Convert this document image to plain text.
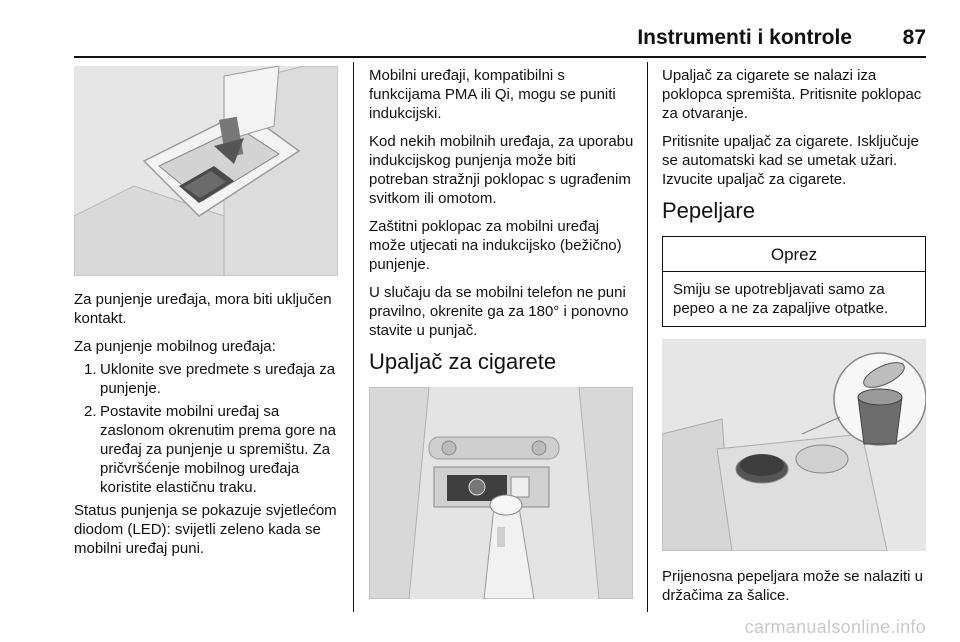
Instrumenti i kontrole 87

Za punjenje uređaja, mora biti uključen kontakt.

Za punjenje mobilnog uređaja:

1. Uklonite sve predmete s uređaja za punjenje.
2. Postavite mobilni uređaj sa zaslonom okrenutim prema gore na uređaj za punjenje u spremištu. Za pričvršćenje mobilnog uređaja koristite elastičnu traku.

Status punjenja se pokazuje svjetlećom diodom (LED): svijetli zeleno kada se mobilni uređaj puni.

Mobilni uređaji, kompatibilni s funkcijama PMA ili Qi, mogu se puniti indukcijski.

Kod nekih mobilnih uređaja, za uporabu indukcijskog punjenja može biti potreban stražnji poklopac s ugrađenim svitkom ili omotom.

Zaštitni poklopac za mobilni uređaj može utjecati na indukcijsko (bežično) punjenje.

U slučaju da se mobilni telefon ne puni pravilno, okrenite ga za 180° i ponovno stavite u punjač.

Upaljač za cigarete

Upaljač za cigarete se nalazi iza poklopca spremišta. Pritisnite poklopac za otvaranje.

Pritisnite upaljač za cigarete. Isključuje se automatski kad se umetak užari. Izvucite upaljač za cigarete.

Pepeljare
Oprez
Smiju se upotrebljavati samo za pepeo a ne za zapaljive otpatke.

Prijenosna pepeljara može se nalaziti u držačima za šalice.

carmanualsonline.info
